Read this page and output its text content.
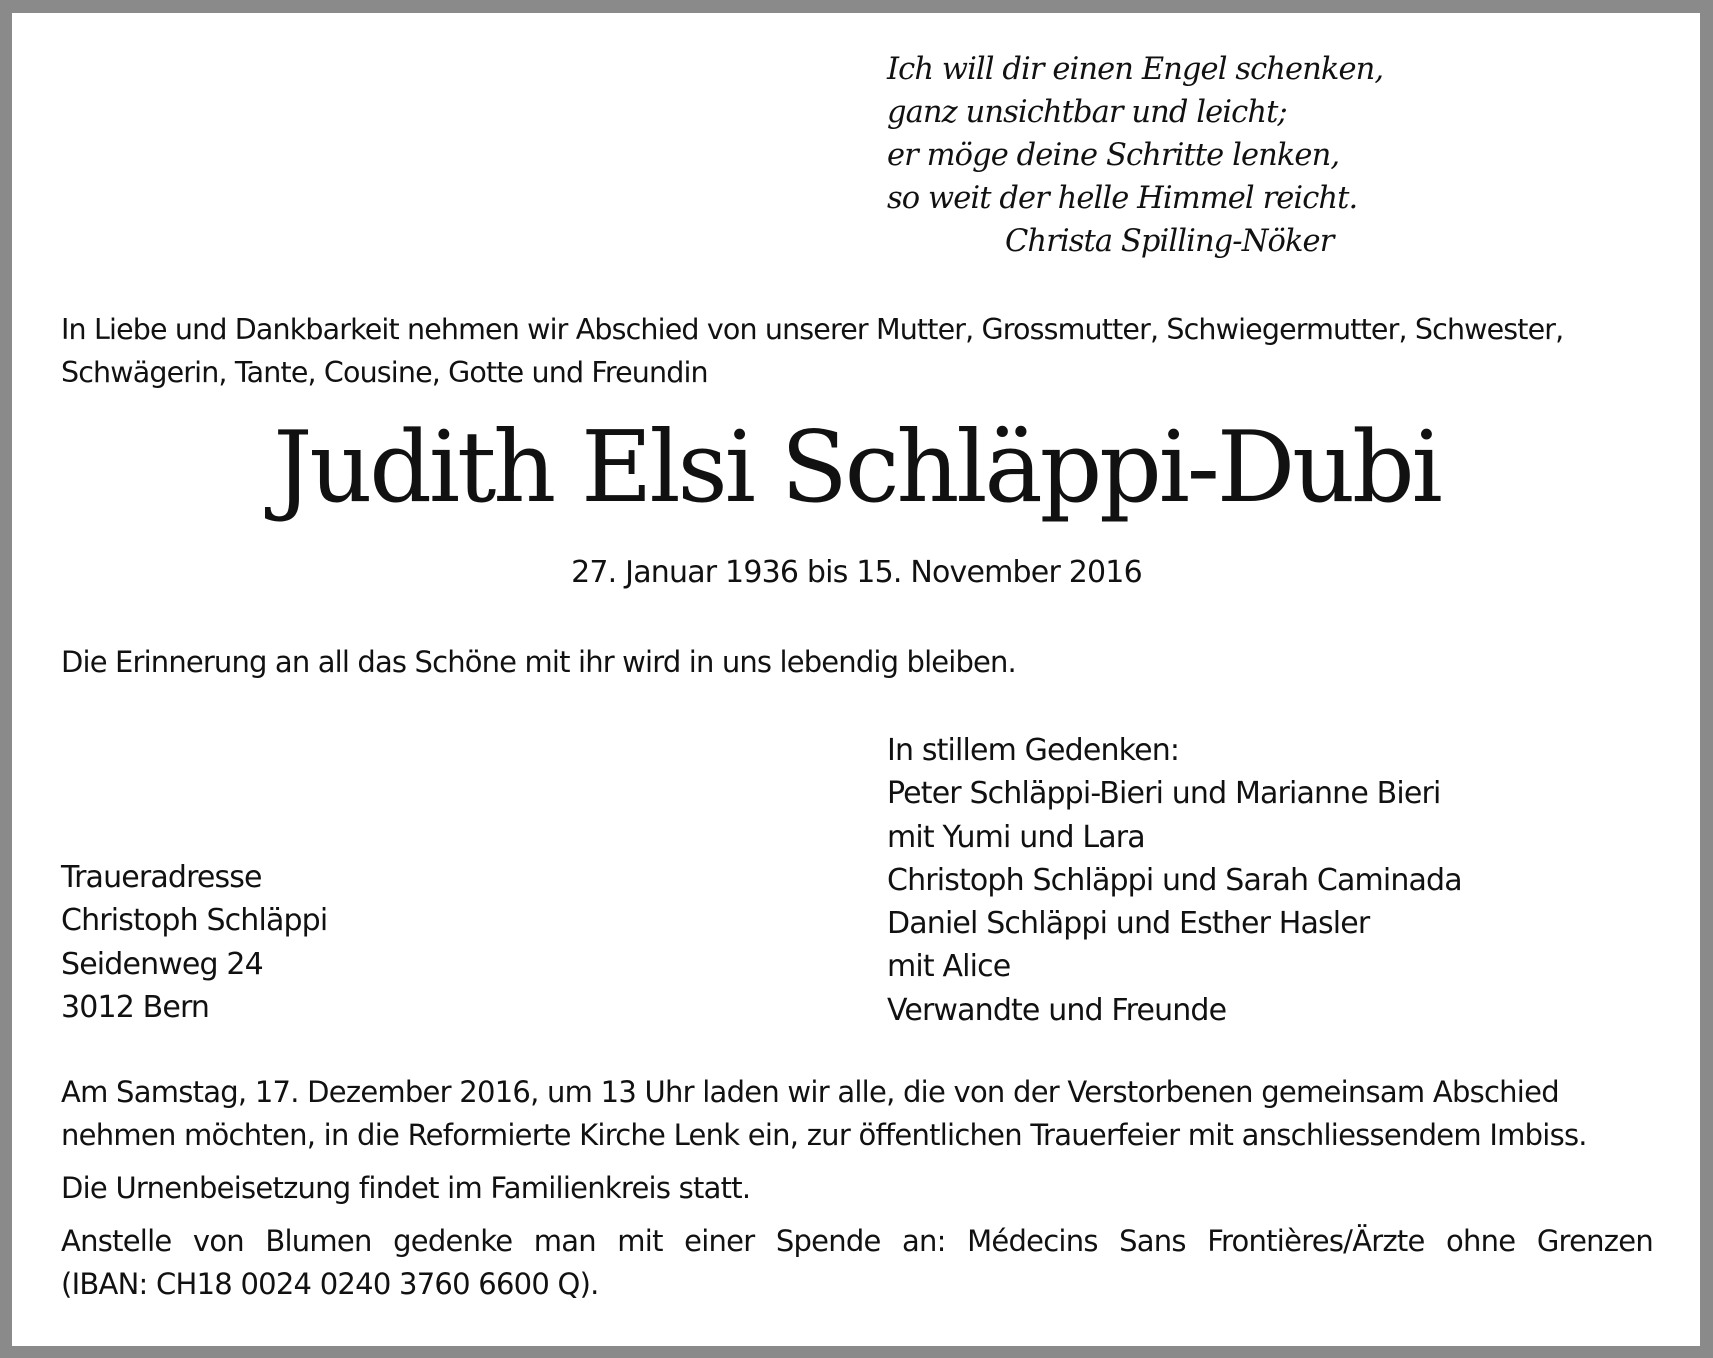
Ich will dir einen Engel schenken,
ganz unsichtbar und leicht;
er möge deine Schritte lenken,
so weit der helle Himmel reicht.
Christa Spilling-Nöker
In Liebe und Dankbarkeit nehmen wir Abschied von unserer Mutter, Grossmutter, Schwiegermutter, Schwester,
Schwägerin, Tante, Cousine, Gotte und Freundin
Judith Elsi Schläppi-Dubi
27. Januar 1936 bis 15. November 2016
Die Erinnerung an all das Schöne mit ihr wird in uns lebendig bleiben.
Traueradresse
Christoph Schläppi
Seidenweg 24
3012 Bern
In stillem Gedenken:
Peter Schläppi-Bieri und Marianne Bieri
mit Yumi und Lara
Christoph Schläppi und Sarah Caminada
Daniel Schläppi und Esther Hasler
mit Alice
Verwandte und Freunde

Am Samstag, 17. Dezember 2016, um 13 Uhr laden wir alle, die von der Verstorbenen gemeinsam Abschied
nehmen möchten, in die Reformierte Kirche Lenk ein, zur öffentlichen Trauerfeier mit anschliessendem Imbiss.

Die Urnenbeisetzung findet im Familienkreis statt.

Anstelle von Blumen gedenke man mit einer Spende an: Médecins Sans Frontières/Ärzte ohne Grenzen
(IBAN: CH18 0024 0240 3760 6600 Q).
